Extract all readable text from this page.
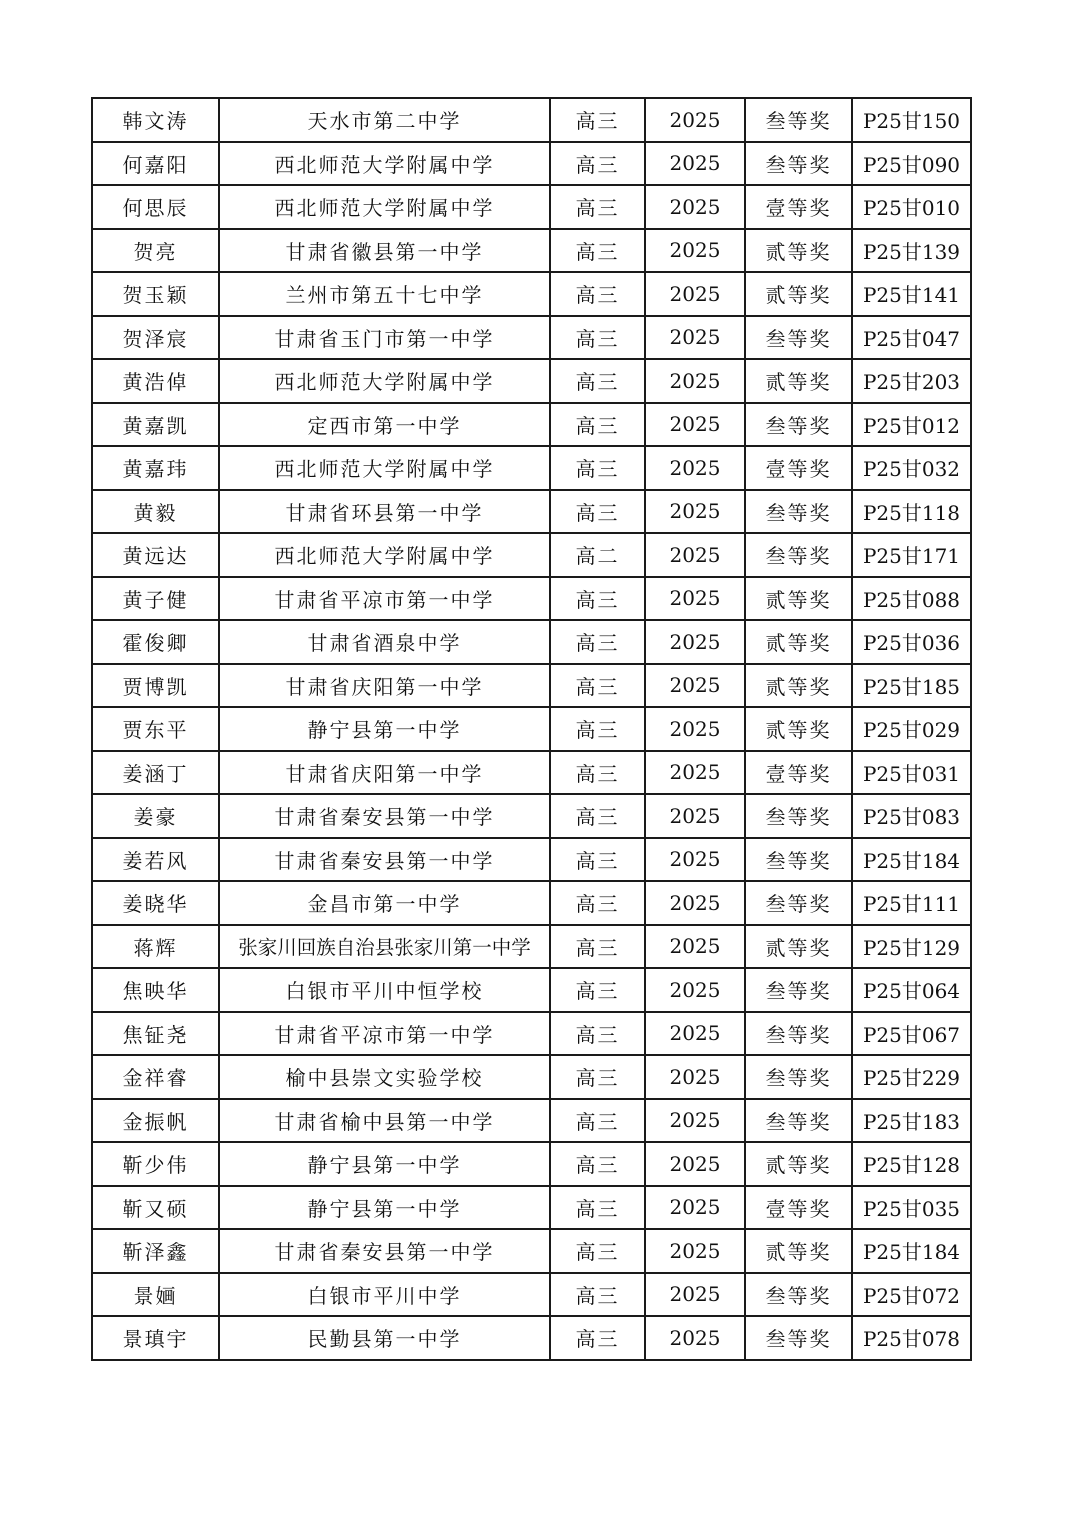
韩文涛	天水市第二中学	高三	2025	叁等奖	P25甘150
何嘉阳	西北师范大学附属中学	高三	2025	叁等奖	P25甘090
何思辰	西北师范大学附属中学	高三	2025	壹等奖	P25甘010
贺亮	甘肃省徽县第一中学	高三	2025	贰等奖	P25甘139
贺玉颖	兰州市第五十七中学	高三	2025	贰等奖	P25甘141
贺泽宸	甘肃省玉门市第一中学	高三	2025	叁等奖	P25甘047
黄浩倬	西北师范大学附属中学	高三	2025	贰等奖	P25甘203
黄嘉凯	定西市第一中学	高三	2025	叁等奖	P25甘012
黄嘉玮	西北师范大学附属中学	高三	2025	壹等奖	P25甘032
黄毅	甘肃省环县第一中学	高三	2025	叁等奖	P25甘118
黄远达	西北师范大学附属中学	高二	2025	叁等奖	P25甘171
黄子健	甘肃省平凉市第一中学	高三	2025	贰等奖	P25甘088
霍俊卿	甘肃省酒泉中学	高三	2025	贰等奖	P25甘036
贾博凯	甘肃省庆阳第一中学	高三	2025	贰等奖	P25甘185
贾东平	静宁县第一中学	高三	2025	贰等奖	P25甘029
姜涵丁	甘肃省庆阳第一中学	高三	2025	壹等奖	P25甘031
姜豪	甘肃省秦安县第一中学	高三	2025	叁等奖	P25甘083
姜若风	甘肃省秦安县第一中学	高三	2025	叁等奖	P25甘184
姜晓华	金昌市第一中学	高三	2025	叁等奖	P25甘111
蒋辉	张家川回族自治县张家川第一中学	高三	2025	贰等奖	P25甘129
焦映华	白银市平川中恒学校	高三	2025	叁等奖	P25甘064
焦钲尧	甘肃省平凉市第一中学	高三	2025	叁等奖	P25甘067
金祥睿	榆中县崇文实验学校	高三	2025	叁等奖	P25甘229
金振帆	甘肃省榆中县第一中学	高三	2025	叁等奖	P25甘183
靳少伟	静宁县第一中学	高三	2025	贰等奖	P25甘128
靳又硕	静宁县第一中学	高三	2025	壹等奖	P25甘035
靳泽鑫	甘肃省秦安县第一中学	高三	2025	贰等奖	P25甘184
景婳	白银市平川中学	高三	2025	叁等奖	P25甘072
景瑱宇	民勤县第一中学	高三	2025	叁等奖	P25甘078
